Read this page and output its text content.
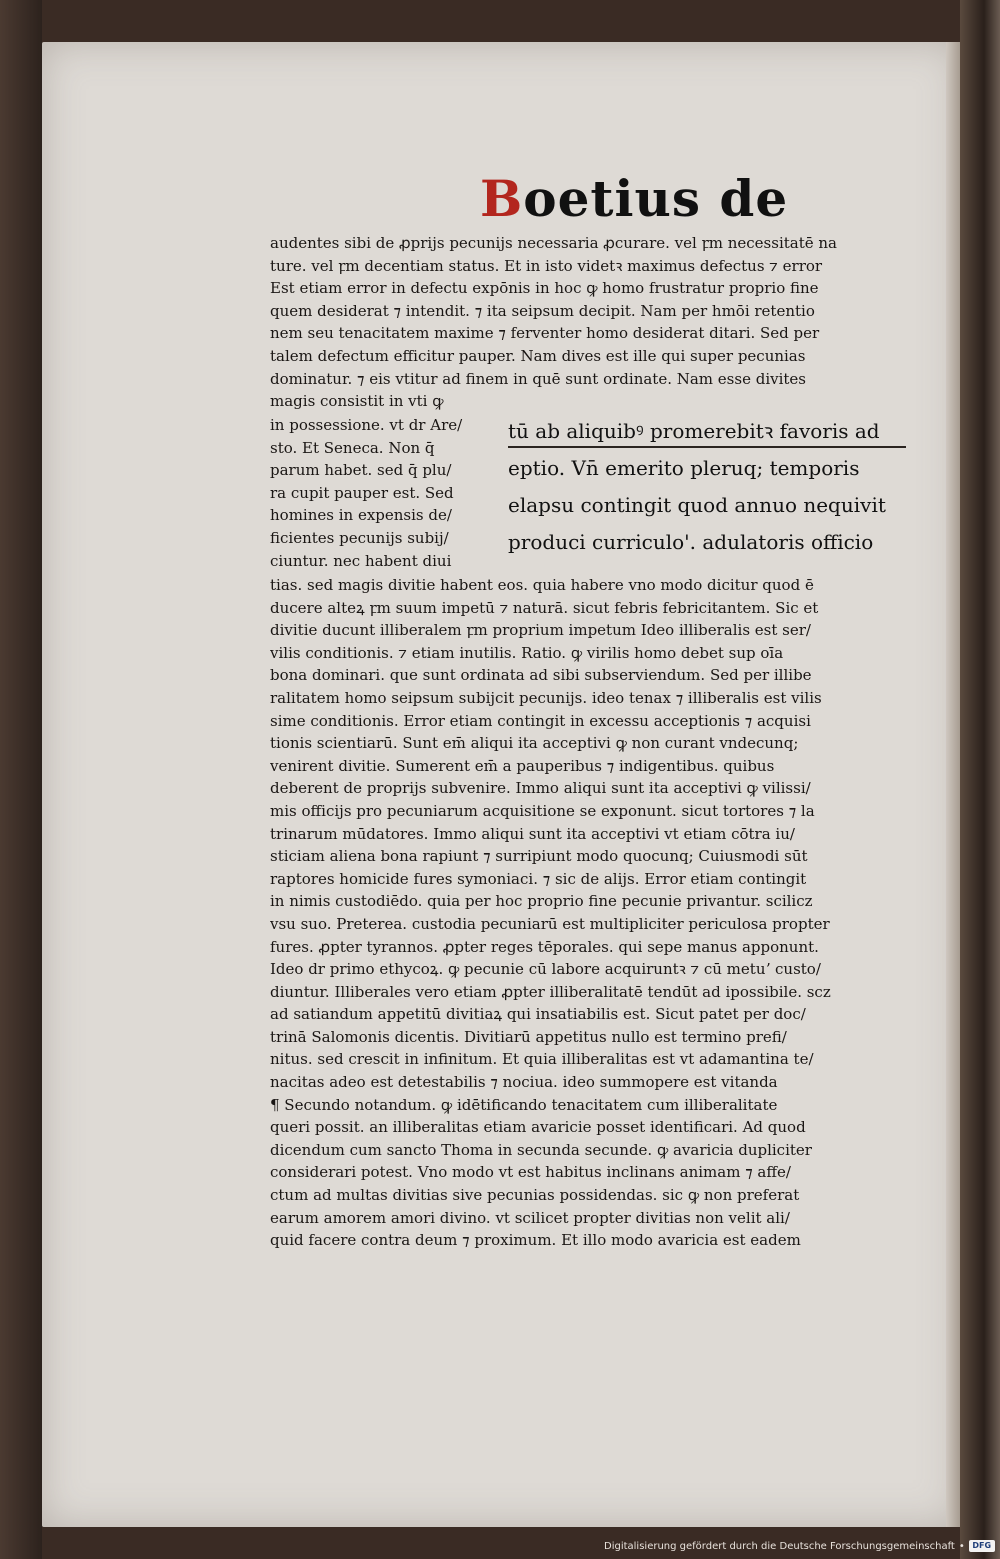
Boetius de
audentes sibi de ꝓprijs pecunijs necessaria ꝓcurare. vel ꝼm necessitatē na
ture. vel ꝼm decentiam status. Et in isto videtꝛ maximus defectus ⁊ error
Est etiam error in defectu expōnis in hoc ꝙ homo frustratur proprio fine
quem desiderat ⁊ intendit. ⁊ ita seipsum decipit. Nam per hmōi retentio
nem seu tenacitatem maxime ⁊ ferventer homo desiderat ditari. Sed per
talem defectum efficitur pauper. Nam dives est ille qui super pecunias
dominatur. ⁊ eis vtitur ad finem in quē sunt ordinate. Nam esse divites
magis consistit in vti ꝙ
in possessione. vt dr Are/
sto. Et Seneca. Non q̄
parum habet. sed q̄ plu/
ra cupit pauper est. Sed
homines in expensis de/
ficientes pecunijs subij/
ciuntur. nec habent diui
tū ab aliquibꝰ promerebitꝛ favoris ad
eptio. Vn̄ emerito pleruq; temporis
elapsu contingit quod annuo nequivit
produci curriculo'. adulatoris officio
tias. sed magis divitie habent eos. quia habere vno modo dicitur quod ē
ducere alteꝝ ꝼm suum impetū ⁊ naturā. sicut febris febricitantem. Sic et
divitie ducunt illiberalem ꝼm proprium impetum Ideo illiberalis est ser/
vilis conditionis. ⁊ etiam inutilis. Ratio. ꝙ virilis homo debet sup oīa
bona dominari. que sunt ordinata ad sibi subserviendum. Sed per illibe
ralitatem homo seipsum subijcit pecunijs. ideo tenax ⁊ illiberalis est vilis
sime conditionis. Error etiam contingit in excessu acceptionis ⁊ acquisi
tionis scientiarū. Sunt em̄ aliqui ita acceptivi ꝙ non curant vndecunq;
venirent divitie. Sumerent em̄ a pauperibus ⁊ indigentibus. quibus
deberent de proprijs subvenire. Immo aliqui sunt ita acceptivi ꝙ vilissi/
mis officijs pro pecuniarum acquisitione se exponunt. sicut tortores ⁊ la
trinarum mūdatores. Immo aliqui sunt ita acceptivi vt etiam cōtra iu/
sticiam aliena bona rapiunt ⁊ surripiunt modo quocunq; Cuiusmodi sūt
raptores homicide fures symoniaci. ⁊ sic de alijs. Error etiam contingit
in nimis custodiēdo. quia per hoc proprio fine pecunie privantur. scilicz
vsu suo. Preterea. custodia pecuniarū est multipliciter periculosa propter
fures. ꝓpter tyrannos. ꝓpter reges tēporales. qui sepe manus apponunt.
Ideo dr primo ethycoꝝ. ꝙ pecunie cū labore acquiruntꝛ ⁊ cū metuʼ custo/
diuntur. Illiberales vero etiam ꝓpter illiberalitatē tendūt ad ipossibile. scz
ad satiandum appetitū divitiaꝝ qui insatiabilis est. Sicut patet per doc/
trinā Salomonis dicentis. Divitiarū appetitus nullo est termino prefi/
nitus. sed crescit in infinitum. Et quia illiberalitas est vt adamantina te/
nacitas adeo est detestabilis ⁊ nociua. ideo summopere est vitanda
¶ Secundo notandum. ꝙ idētificando tenacitatem cum illiberalitate
queri possit. an illiberalitas etiam avaricie posset identificari. Ad quod
dicendum cum sancto Thoma in secunda secunde. ꝙ avaricia dupliciter
considerari potest. Vno modo vt est habitus inclinans animam ⁊ affe/
ctum ad multas divitias sive pecunias possidendas. sic ꝙ non preferat
earum amorem amori divino. vt scilicet propter divitias non velit ali/
quid facere contra deum ⁊ proximum. Et illo modo avaricia est eadem
Digitalisierung gefördert durch die Deutsche Forschungsgemeinschaft • DFG
